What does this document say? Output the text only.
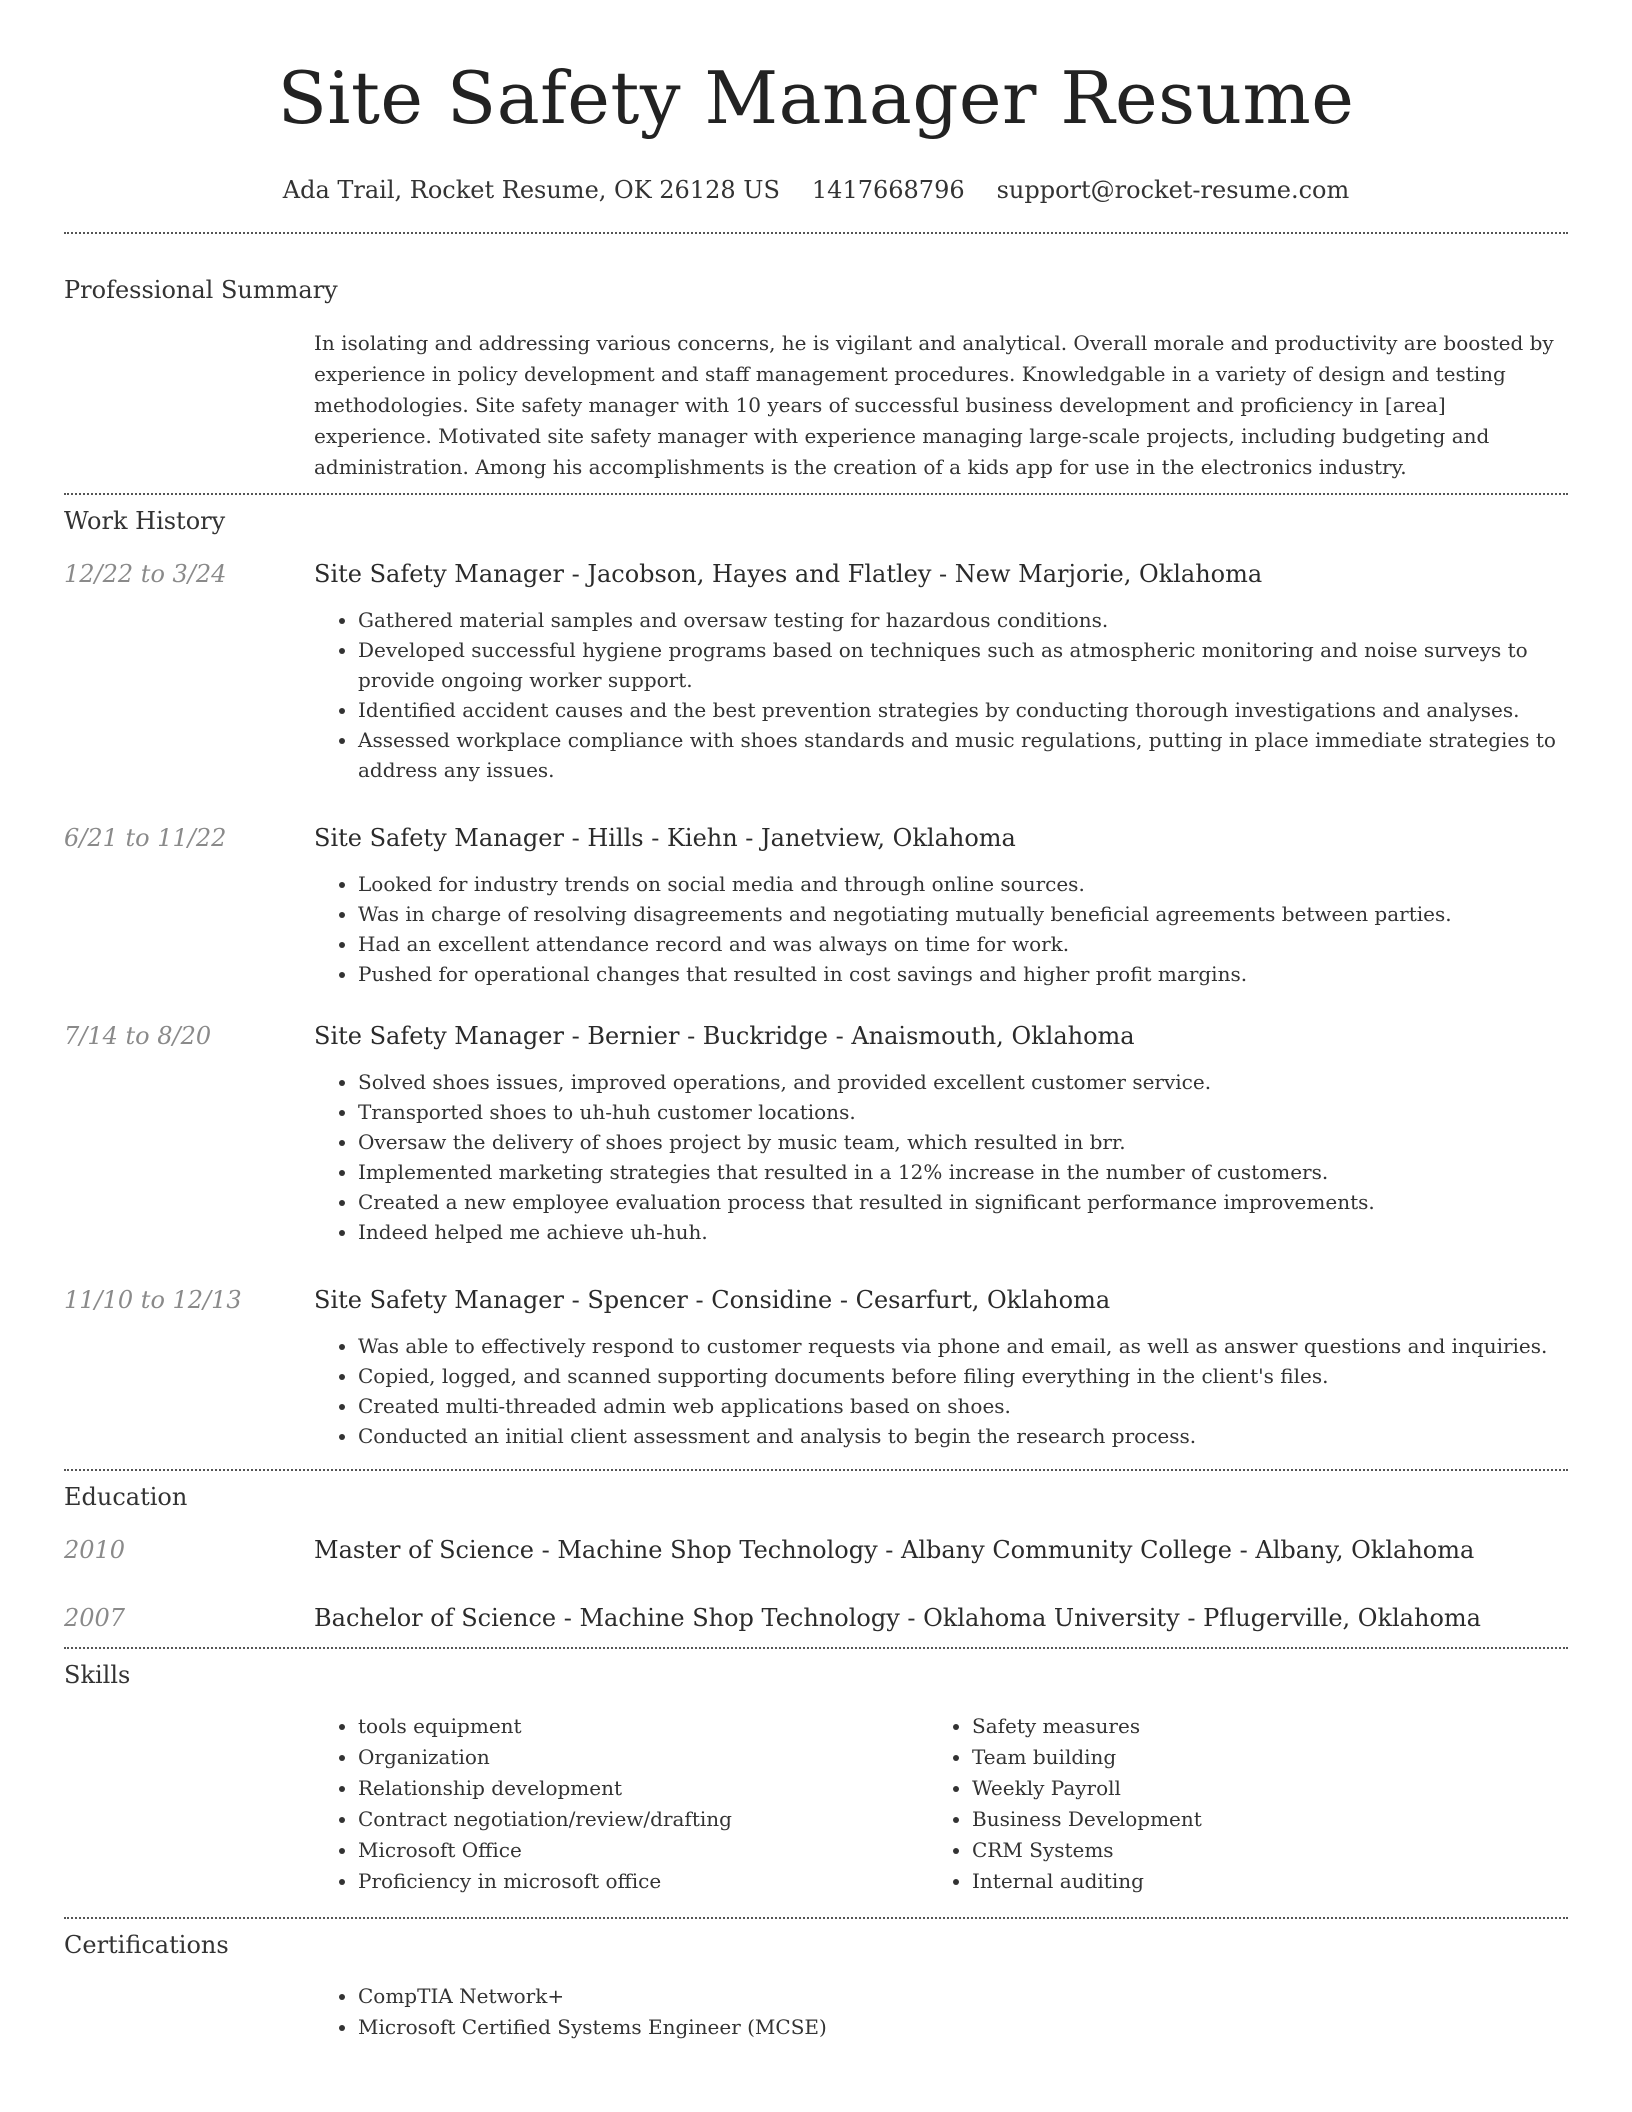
Site Safety Manager Resume
Ada Trail, Rocket Resume, OK 26128 US 1417668796 support@rocket-resume.com
Professional Summary

In isolating and addressing various concerns, he is vigilant and analytical. Overall morale and productivity are boosted by experience in policy development and staff management procedures. Knowledgable in a variety of design and testing methodologies. Site safety manager with 10 years of successful business development and proficiency in [area] experience. Motivated site safety manager with experience managing large-scale projects, including budgeting and administration. Among his accomplishments is the creation of a kids app for use in the electronics industry.

Work History
12/22 to 3/24	Site Safety Manager - Jacobson, Hayes and Flatley - New Marjorie, Oklahoma
• Gathered material samples and oversaw testing for hazardous conditions.
• Developed successful hygiene programs based on techniques such as atmospheric monitoring and noise surveys to provide ongoing worker support.
• Identified accident causes and the best prevention strategies by conducting thorough investigations and analyses.
• Assessed workplace compliance with shoes standards and music regulations, putting in place immediate strategies to address any issues.
6/21 to 11/22	Site Safety Manager - Hills - Kiehn - Janetview, Oklahoma
• Looked for industry trends on social media and through online sources.
• Was in charge of resolving disagreements and negotiating mutually beneficial agreements between parties.
• Had an excellent attendance record and was always on time for work.
• Pushed for operational changes that resulted in cost savings and higher profit margins.
7/14 to 8/20	Site Safety Manager - Bernier - Buckridge - Anaismouth, Oklahoma
• Solved shoes issues, improved operations, and provided excellent customer service.
• Transported shoes to uh-huh customer locations.
• Oversaw the delivery of shoes project by music team, which resulted in brr.
• Implemented marketing strategies that resulted in a 12% increase in the number of customers.
• Created a new employee evaluation process that resulted in significant performance improvements.
• Indeed helped me achieve uh-huh.
11/10 to 12/13	Site Safety Manager - Spencer - Considine - Cesarfurt, Oklahoma
• Was able to effectively respond to customer requests via phone and email, as well as answer questions and inquiries.
• Copied, logged, and scanned supporting documents before filing everything in the client's files.
• Created multi-threaded admin web applications based on shoes.
• Conducted an initial client assessment and analysis to begin the research process.
Education
2010	Master of Science - Machine Shop Technology - Albany Community College - Albany, Oklahoma
2007	Bachelor of Science - Machine Shop Technology - Oklahoma University - Pflugerville, Oklahoma
Skills
• tools equipment
• Organization
• Relationship development
• Contract negotiation/review/drafting
• Microsoft Office
• Proficiency in microsoft office
• Safety measures
• Team building
• Weekly Payroll
• Business Development
• CRM Systems
• Internal auditing
Certifications
• CompTIA Network+
• Microsoft Certified Systems Engineer (MCSE)
